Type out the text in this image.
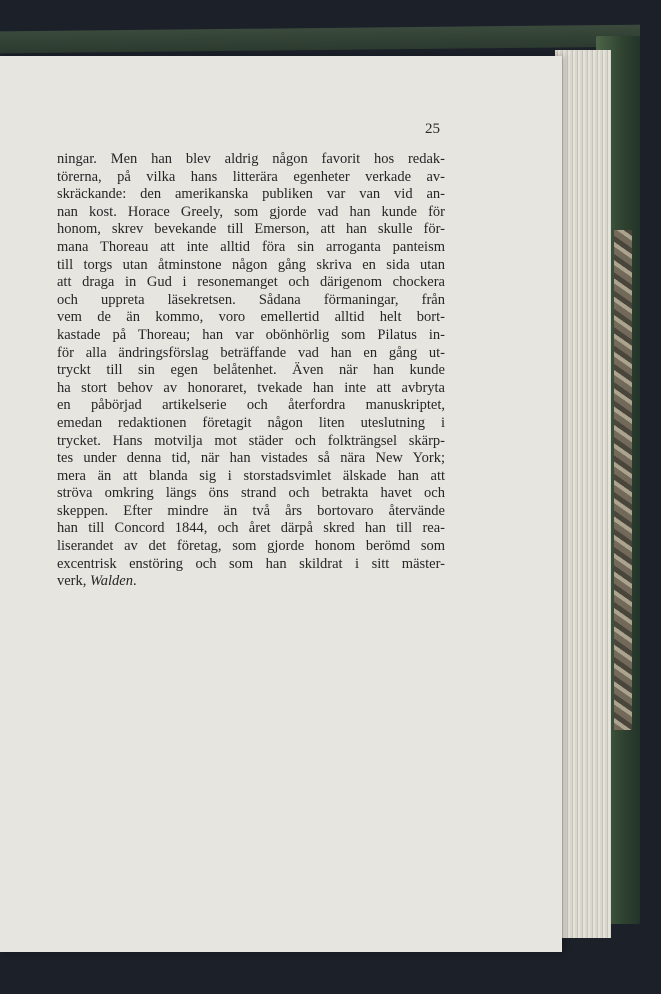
25
ningar. Men han blev aldrig någon favorit hos redak-
törerna, på vilka hans litterära egenheter verkade av-
skräckande: den amerikanska publiken var van vid an-
nan kost. Horace Greely, som gjorde vad han kunde för
honom, skrev bevekande till Emerson, att han skulle för-
mana Thoreau att inte alltid föra sin arroganta panteism
till torgs utan åtminstone någon gång skriva en sida utan
att draga in Gud i resonemanget och därigenom chockera
och uppreta läsekretsen. Sådana förmaningar, från
vem de än kommo, voro emellertid alltid helt bort-
kastade på Thoreau; han var obönhörlig som Pilatus in-
för alla ändringsförslag beträffande vad han en gång ut-
tryckt till sin egen belåtenhet. Även när han kunde
ha stort behov av honoraret, tvekade han inte att avbryta
en påbörjad artikelserie och återfordra manuskriptet,
emedan redaktionen företagit någon liten uteslutning i
trycket. Hans motvilja mot städer och folkträngsel skärp-
tes under denna tid, när han vistades så nära New York;
mera än att blanda sig i storstadsvimlet älskade han att
ströva omkring längs öns strand och betrakta havet och
skeppen. Efter mindre än två års bortovaro återvände
han till Concord 1844, och året därpå skred han till rea-
liserandet av det företag, som gjorde honom berömd som
excentrisk enstöring och som han skildrat i sitt mäster-
verk, Walden.
